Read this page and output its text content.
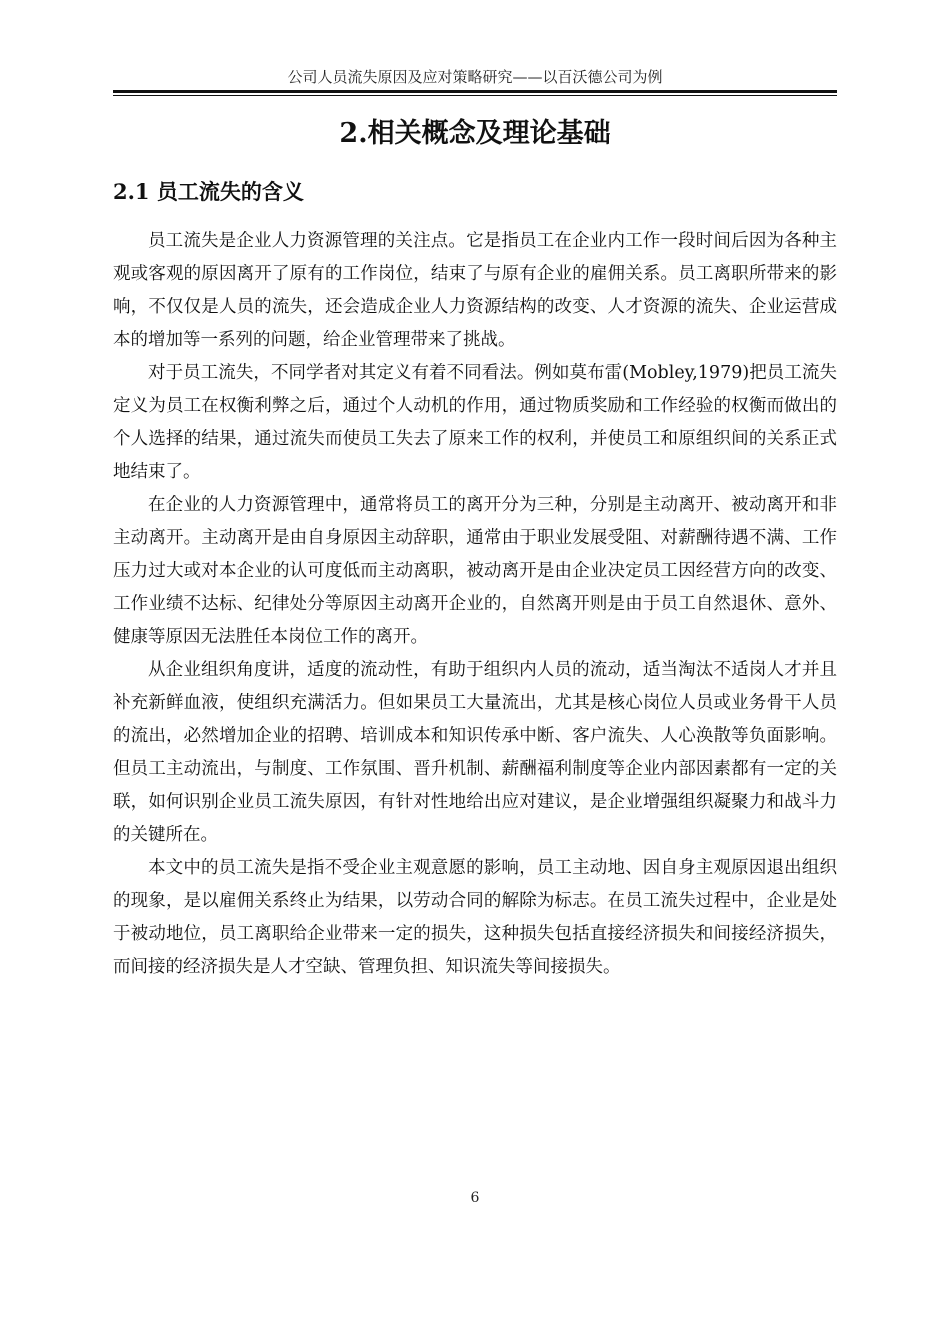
公司人员流失原因及应对策略研究——以百沃德公司为例
2.相关概念及理论基础
2.1 员工流失的含义

员工流失是企业人力资源管理的关注点。它是指员工在企业内工作一段时间后因为各种主观或客观的原因离开了原有的工作岗位，结束了与原有企业的雇佣关系。员工离职所带来的影响，不仅仅是人员的流失，还会造成企业人力资源结构的改变、人才资源的流失、企业运营成本的增加等一系列的问题，给企业管理带来了挑战。

对于员工流失，不同学者对其定义有着不同看法。例如莫布雷(Mobley,1979)把员工流失定义为员工在权衡利弊之后，通过个人动机的作用，通过物质奖励和工作经验的权衡而做出的个人选择的结果，通过流失而使员工失去了原来工作的权利，并使员工和原组织间的关系正式地结束了。

在企业的人力资源管理中，通常将员工的离开分为三种，分别是主动离开、被动离开和非主动离开。主动离开是由自身原因主动辞职，通常由于职业发展受阻、对薪酬待遇不满、工作压力过大或对本企业的认可度低而主动离职，被动离开是由企业决定员工因经营方向的改变、工作业绩不达标、纪律处分等原因主动离开企业的，自然离开则是由于员工自然退休、意外、健康等原因无法胜任本岗位工作的离开。

从企业组织角度讲，适度的流动性，有助于组织内人员的流动，适当淘汰不适岗人才并且补充新鲜血液，使组织充满活力。但如果员工大量流出，尤其是核心岗位人员或业务骨干人员的流出，必然增加企业的招聘、培训成本和知识传承中断、客户流失、人心涣散等负面影响。但员工主动流出，与制度、工作氛围、晋升机制、薪酬福利制度等企业内部因素都有一定的关联，如何识别企业员工流失原因，有针对性地给出应对建议，是企业增强组织凝聚力和战斗力的关键所在。

本文中的员工流失是指不受企业主观意愿的影响，员工主动地、因自身主观原因退出组织的现象，是以雇佣关系终止为结果，以劳动合同的解除为标志。在员工流失过程中，企业是处于被动地位，员工离职给企业带来一定的损失，这种损失包括直接经济损失和间接经济损失，而间接的经济损失是人才空缺、管理负担、知识流失等间接损失。

6
